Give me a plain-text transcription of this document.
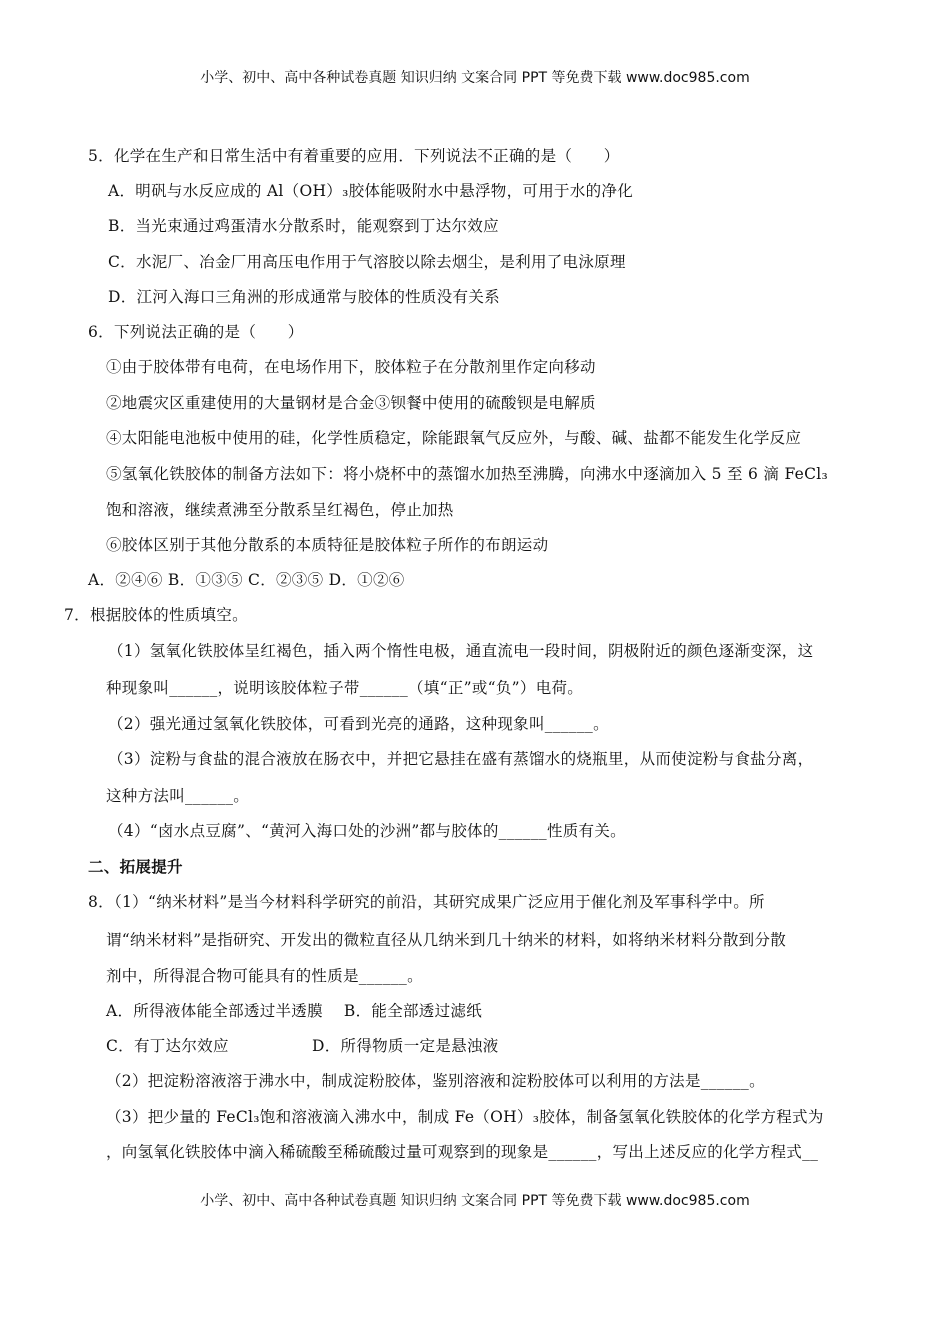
小学、初中、高中各种试卷真题 知识归纳 文案合同 PPT 等免费下载 www.doc985.com
5．化学在生产和日常生活中有着重要的应用．下列说法不正确的是（　　）
A．明矾与水反应成的 Al（OH）₃胶体能吸附水中悬浮物，可用于水的净化
B．当光束通过鸡蛋清水分散系时，能观察到丁达尔效应
C．水泥厂、冶金厂用高压电作用于气溶胶以除去烟尘，是利用了电泳原理
D．江河入海口三角洲的形成通常与胶体的性质没有关系
6．下列说法正确的是（　　）
①由于胶体带有电荷，在电场作用下，胶体粒子在分散剂里作定向移动
②地震灾区重建使用的大量钢材是合金③钡餐中使用的硫酸钡是电解质
④太阳能电池板中使用的硅，化学性质稳定，除能跟氧气反应外，与酸、碱、盐都不能发生化学反应
⑤氢氧化铁胶体的制备方法如下：将小烧杯中的蒸馏水加热至沸腾，向沸水中逐滴加入 5 至 6 滴 FeCl₃
饱和溶液，继续煮沸至分散系呈红褐色，停止加热
⑥胶体区别于其他分散系的本质特征是胶体粒子所作的布朗运动
A．②④⑥ B．①③⑤ C．②③⑤ D．①②⑥
7．根据胶体的性质填空。
（1）氢氧化铁胶体呈红褐色，插入两个惰性电极，通直流电一段时间，阴极附近的颜色逐渐变深，这
种现象叫______，说明该胶体粒子带______（填“正”或“负”）电荷。
（2）强光通过氢氧化铁胶体，可看到光亮的通路，这种现象叫______。
（3）淀粉与食盐的混合液放在肠衣中，并把它悬挂在盛有蒸馏水的烧瓶里，从而使淀粉与食盐分离，
这种方法叫______。
（4）“卤水点豆腐”、“黄河入海口处的沙洲”都与胶体的______性质有关。
二、拓展提升
8．（1）“纳米材料”是当今材料科学研究的前沿，其研究成果广泛应用于催化剂及军事科学中。所
谓“纳米材料”是指研究、开发出的微粒直径从几纳米到几十纳米的材料，如将纳米材料分散到分散
剂中，所得混合物可能具有的性质是______。
A．所得液体能全部透过半透膜　 B．能全部透过滤纸
C．有丁达尔效应	D．所得物质一定是悬浊液
（2）把淀粉溶液溶于沸水中，制成淀粉胶体，鉴别溶液和淀粉胶体可以利用的方法是______。
（3）把少量的 FeCl₃饱和溶液滴入沸水中，制成 Fe（OH）₃胶体，制备氢氧化铁胶体的化学方程式为
，向氢氧化铁胶体中滴入稀硫酸至稀硫酸过量可观察到的现象是______，写出上述反应的化学方程式__
小学、初中、高中各种试卷真题 知识归纳 文案合同 PPT 等免费下载 www.doc985.com
